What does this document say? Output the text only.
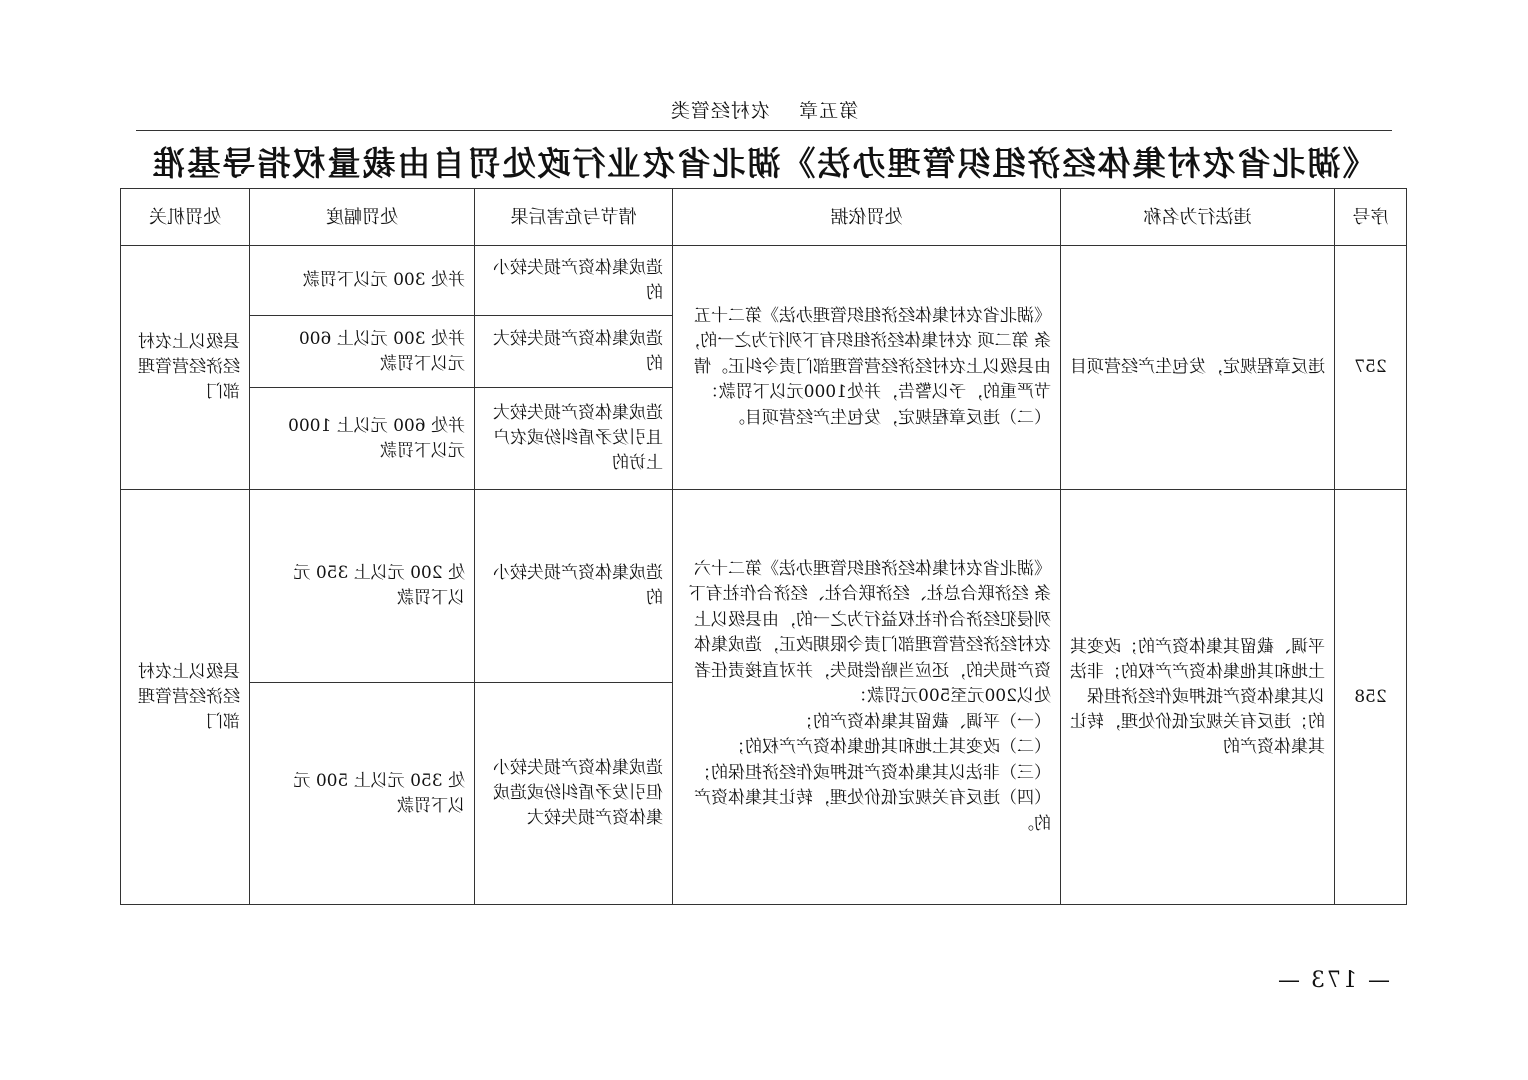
第五章    农村经管类
《湖北省农村集体经济组织管理办法》湖北省农业行政处罚自由裁量权指导基准
序号	违法行为名称	处罚依据	情节与危害后果	处罚幅度	处罚机关
257	违反章程规定，发包生产经营项目	《湖北省农村集体经济组织管理办法》第二十五条 第二项 农村集体经济组织有下列行为之一的，由县级以上农村经济经营管理部门责令纠正。情节严重的，予以警告，并处1000元以下罚款：（二）违反章程规定，发包生产经营项目。	造成集体资产损失较小的	并处 300 元以下罚款	县级以上农村经济经营管理部门
			造成集体资产损失较大的	并处 300 元以上 600
元以下罚款	
			造成集体资产损失较大且引发矛盾纠纷或农户上访的	并处 600 元以上 1000
元以下罚款	
258	平调、截留其集体资产的；改变其土地和其他集体资产产权的；非法以其集体资产抵押或作经济担保的；违反有关规定低价处理，转让其集体资产的	《湖北省农村集体经济组织管理办法》第二十六条 经济联合总社、经济联合社、经济合作社有下列侵犯经济合作社权益行为之一的，由县级以上农村经济经营管理部门责令限期改正，造成集体资产损失的，还应当赔偿损失，并对直接责任者处以200元至500元罚款：
（一）平调、截留其集体资产的；
（二）改变其土地和其他集体资产产权的；
（三）非法以其集体资产抵押或作经济担保的；
（四）违反有关规定低价处理，转让其集体资产的。	造成集体资产损失较小的	处 200 元以上 350 元
以下罚款	县级以上农村经济经营管理部门
			造成集体资产损失较小但引发矛盾纠纷或造成集体资产损失较大	处 350 元以上 500 元
以下罚款	
— 173 —
